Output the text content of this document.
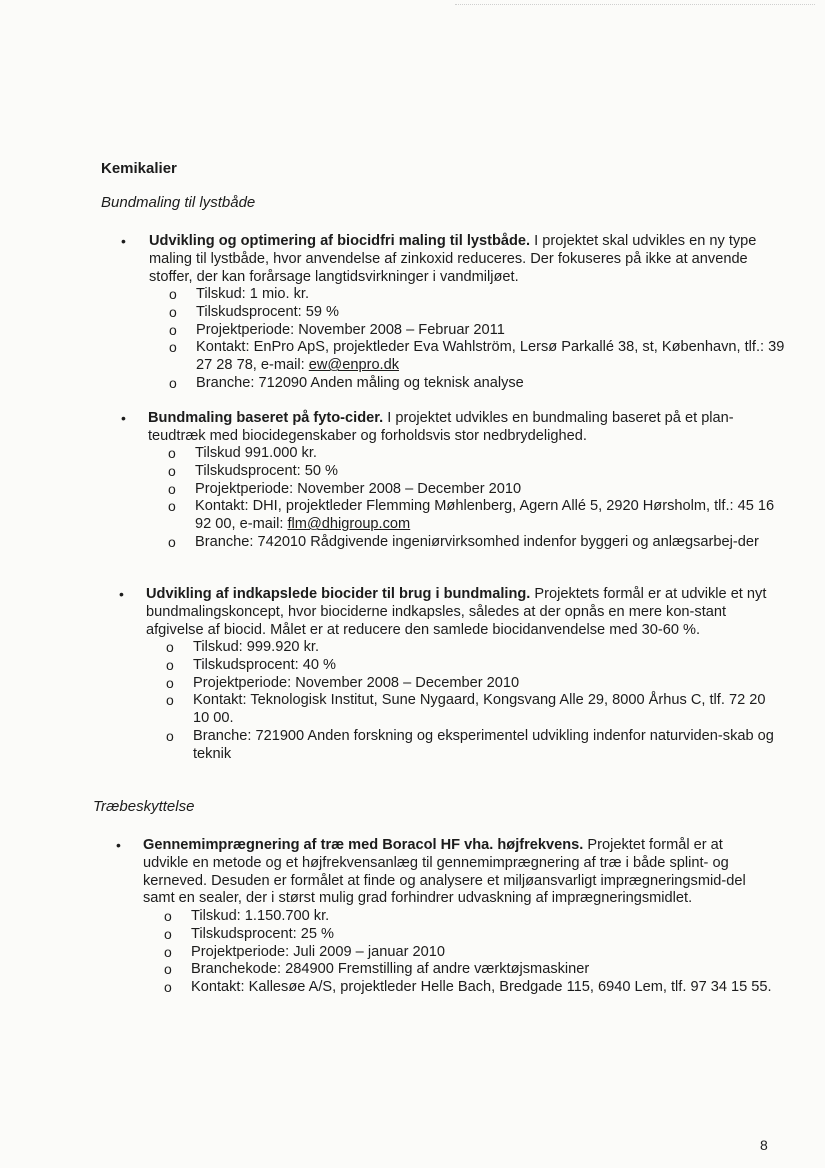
Kemikalier
Bundmaling til lystbåde
• Udvikling og optimering af biocidfri maling til lystbåde. I projektet skal udvikles en ny type maling til lystbåde, hvor anvendelse af zinkoxid reduceres. Der fokuseres på ikke at anvende stoffer, der kan forårsage langtidsvirkninger i vandmiljøet.

o Tilskud: 1 mio. kr.
o Tilskudsprocent: 59 %
o Projektperiode: November 2008 – Februar 2011
o Kontakt: EnPro ApS, projektleder Eva Wahlström, Lersø Parkallé 38, st, København, tlf.: 39 27 28 78, e-mail: ew@enpro.dk
o Branche: 712090 Anden måling og teknisk analyse
• Bundmaling baseret på fyto-cider. I projektet udvikles en bundmaling baseret på et plan-teudtræk med biocidegenskaber og forholdsvis stor nedbrydelighed.

o Tilskud 991.000 kr.
o Tilskudsprocent: 50 %
o Projektperiode: November 2008 – December 2010
o Kontakt: DHI, projektleder Flemming Møhlenberg, Agern Allé 5, 2920 Hørsholm, tlf.: 45 16 92 00, e-mail: flm@dhigroup.com
o Branche: 742010 Rådgivende ingeniørvirksomhed indenfor byggeri og anlægsarbej-der
• Udvikling af indkapslede biocider til brug i bundmaling. Projektets formål er at udvikle et nyt bundmalingskoncept, hvor biociderne indkapsles, således at der opnås en mere kon-stant afgivelse af biocid. Målet er at reducere den samlede biocidanvendelse med 30-60 %.

o Tilskud: 999.920 kr.
o Tilskudsprocent: 40 %
o Projektperiode: November 2008 – December 2010
o Kontakt: Teknologisk Institut, Sune Nygaard, Kongsvang Alle 29, 8000 Århus C, tlf. 72 20 10 00.
o Branche: 721900 Anden forskning og eksperimentel udvikling indenfor naturviden-skab og teknik
Træbeskyttelse
• Gennemimprægnering af træ med Boracol HF vha. højfrekvens. Projektet formål er at udvikle en metode og et højfrekvensanlæg til gennemimprægnering af træ i både splint- og kerneved. Desuden er formålet at finde og analysere et miljøansvarligt imprægneringsmid-del samt en sealer, der i størst mulig grad forhindrer udvaskning af imprægneringsmidlet.

o Tilskud: 1.150.700 kr.
o Tilskudsprocent: 25 %
o Projektperiode: Juli 2009 – januar 2010
o Branchekode: 284900 Fremstilling af andre værktøjsmaskiner
o Kontakt: Kallesøe A/S, projektleder Helle Bach, Bredgade 115, 6940 Lem, tlf. 97 34 15 55.
8
